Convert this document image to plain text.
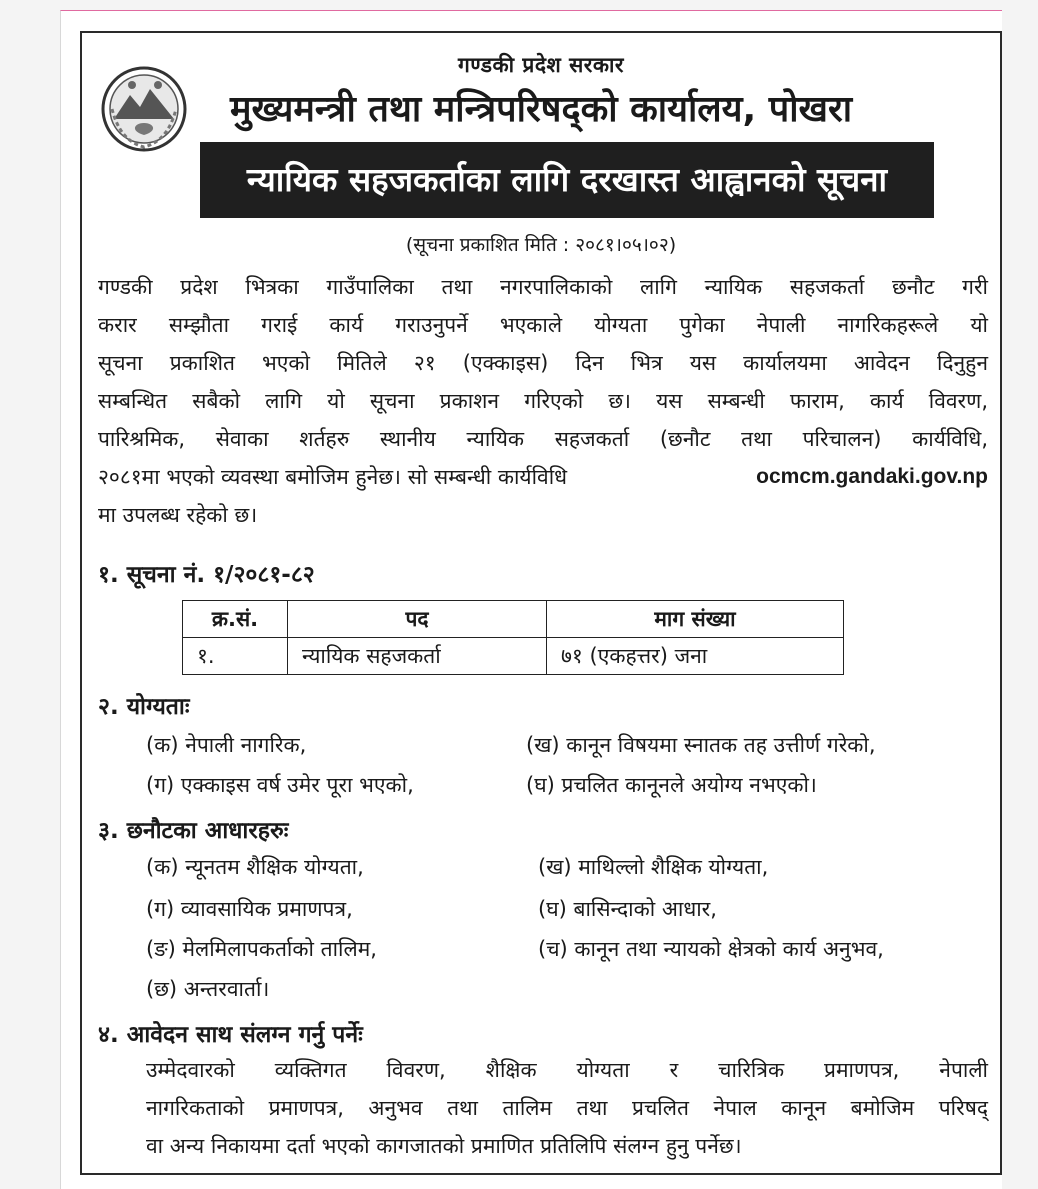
गण्डकी प्रदेश सरकार
मुख्यमन्त्री तथा मन्त्रिपरिषद्को कार्यालय, पोखरा
न्यायिक सहजकर्ताका लागि दरखास्त आह्वानको सूचना
(सूचना प्रकाशित मिति : २०८१।०५।०२)
गण्डकी प्रदेश भित्रका गाउँपालिका तथा नगरपालिकाको लागि न्यायिक सहजकर्ता छनौट गरी
करार सम्झौता गराई कार्य गराउनुपर्ने भएकाले योग्यता पुगेका नेपाली नागरिकहरूले यो
सूचना प्रकाशित भएको मितिले २१ (एक्काइस) दिन भित्र यस कार्यालयमा आवेदन दिनुहुन
सम्बन्धित सबैको लागि यो सूचना प्रकाशन गरिएको छ। यस सम्बन्धी फाराम, कार्य विवरण,
पारिश्रमिक, सेवाका शर्तहरु स्थानीय न्यायिक सहजकर्ता (छनौट तथा परिचालन) कार्यविधि,
२०८१मा भएको व्यवस्था बमोजिम हुनेछ। सो सम्बन्धी कार्यविधि	ocmcm.gandaki.gov.np
मा उपलब्ध रहेको छ।
१. सूचना नं. १/२०८१-८२
क्र.सं.	पद	माग संख्या
१.	न्यायिक सहजकर्ता	७१ (एकहत्तर) जना
२. योग्यताः
(क) नेपाली नागरिक,	(ख) कानून विषयमा स्नातक तह उत्तीर्ण गरेको,
(ग) एक्काइस वर्ष उमेर पूरा भएको,	(घ) प्रचलित कानूनले अयोग्य नभएको।
३. छनौटका आधारहरुः
(क) न्यूनतम शैक्षिक योग्यता,	(ख) माथिल्लो शैक्षिक योग्यता,
(ग) व्यावसायिक प्रमाणपत्र,	(घ) बासिन्दाको आधार,
(ङ) मेलमिलापकर्ताको तालिम,	(च) कानून तथा न्यायको क्षेत्रको कार्य अनुभव,
(छ) अन्तरवार्ता।
४. आवेदन साथ संलग्न गर्नु पर्नेः
उम्मेदवारको व्यक्तिगत विवरण, शैक्षिक योग्यता र चारित्रिक प्रमाणपत्र, नेपाली
नागरिकताको प्रमाणपत्र, अनुभव तथा तालिम तथा प्रचलित नेपाल कानून बमोजिम परिषद्
वा अन्य निकायमा दर्ता भएको कागजातको प्रमाणित प्रतिलिपि संलग्न हुनु पर्नेछ।
